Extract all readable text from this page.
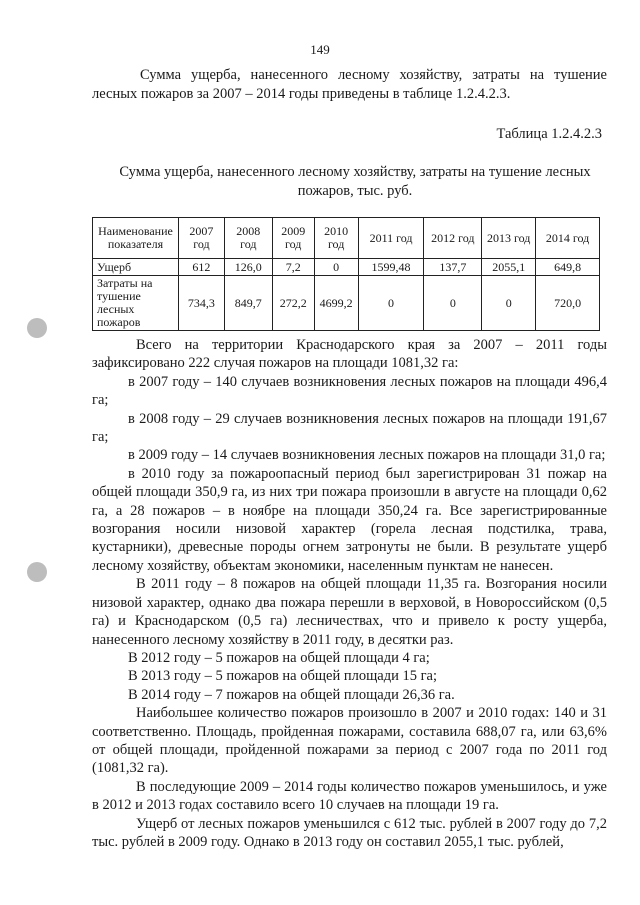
149

Сумма ущерба, нанесенного лесному хозяйству, затраты на тушение лесных пожаров за 2007 – 2014 годы приведены в таблице 1.2.4.2.3.

Таблица 1.2.4.2.3
Сумма ущерба, нанесенного лесному хозяйству, затраты на тушение лесных пожаров, тыс. руб.
Наименование показателя	2007 год	2008 год	2009 год	2010 год	2011 год	2012 год	2013 год	2014 год
Ущерб	612	126,0	7,2	0	1599,48	137,7	2055,1	649,8
Затраты на тушение лесных пожаров	734,3	849,7	272,2	4699,2	0	0	0	720,0

Всего на территории Краснодарского края за 2007 – 2011 годы зафиксировано 222 случая пожаров на площади 1081,32 га:

в 2007 году – 140 случаев возникновения лесных пожаров на площади 496,4 га;

в 2008 году – 29 случаев возникновения лесных пожаров на площади 191,67 га;

в 2009 году – 14 случаев возникновения лесных пожаров на площади 31,0 га;

в 2010 году за пожароопасный период был зарегистрирован 31 пожар на общей площади 350,9 га, из них три пожара произошли в августе на площади 0,62 га, а 28 пожаров – в ноябре на площади 350,24 га. Все зарегистрированные возгорания носили низовой характер (горела лесная подстилка, трава, кустарники), древесные породы огнем затронуты не были. В результате ущерб лесному хозяйству, объектам экономики, населенным пунктам не нанесен.

В 2011 году – 8 пожаров на общей площади 11,35 га. Возгорания носили низовой характер, однако два пожара перешли в верховой, в Новороссийском (0,5 га) и Краснодарском (0,5 га) лесничествах, что и привело к росту ущерба, нанесенного лесному хозяйству в 2011 году, в десятки раз.

В 2012 году – 5 пожаров на общей площади 4 га;

В 2013 году – 5 пожаров на общей площади 15 га;

В 2014 году – 7 пожаров на общей площади 26,36 га.

Наибольшее количество пожаров произошло в 2007 и 2010 годах: 140 и 31 соответственно. Площадь, пройденная пожарами, составила 688,07 га, или 63,6% от общей площади, пройденной пожарами за период с 2007 года по 2011 год (1081,32 га).

В последующие 2009 – 2014 годы количество пожаров уменьшилось, и уже в 2012 и 2013 годах составило всего 10 случаев на площади 19 га.

Ущерб от лесных пожаров уменьшился с 612 тыс. рублей в 2007 году до 7,2 тыс. рублей в 2009 году. Однако в 2013 году он составил 2055,1 тыс. рублей,
